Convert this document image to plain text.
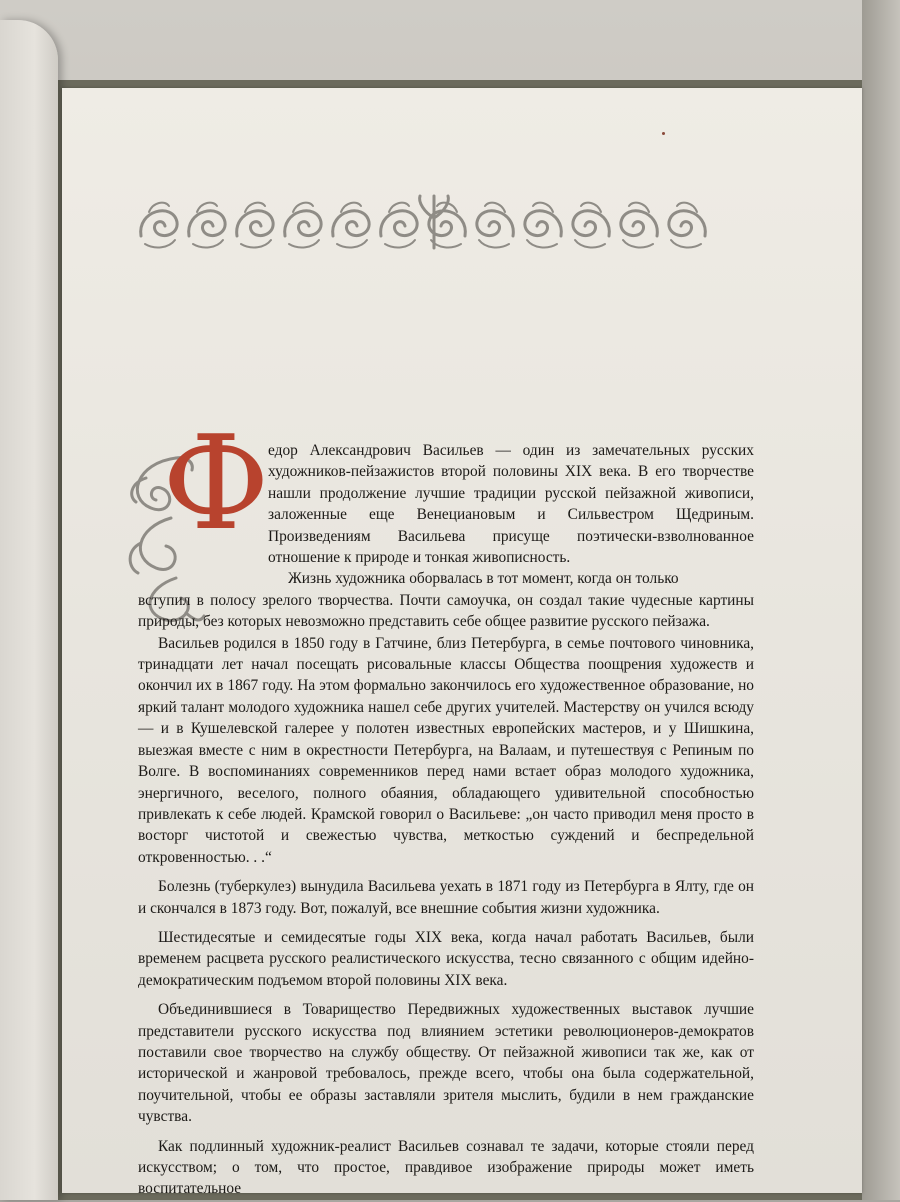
Ф

едор Александрович Васильев — один из замечательных русских художников-пейзажистов второй половины XIX века. В его творчестве нашли продолжение лучшие традиции русской пейзажной живописи, заложенные еще Венециановым и Сильвестром Щедриным. Произведениям Васильева присуще поэтически-взволнованное отношение к природе и тонкая живописность.

Жизнь художника оборвалась в тот момент, когда он только

вступил в полосу зрелого творчества. Почти самоучка, он создал такие чудесные картины природы, без которых невозможно представить себе общее развитие русского пейзажа.

Васильев родился в 1850 году в Гатчине, близ Петербурга, в семье почтового чиновника, тринадцати лет начал посещать рисовальные классы Общества поощрения художеств и окончил их в 1867 году. На этом формально закончилось его художественное образование, но яркий талант молодого художника нашел себе других учителей. Мастерству он учился всюду — и в Кушелевской галерее у полотен известных европейских мастеров, и у Шишкина, выезжая вместе с ним в окрестности Петербурга, на Валаам, и путешествуя с Репиным по Волге. В воспоминаниях современников перед нами встает образ молодого художника, энергичного, веселого, полного обаяния, обладающего удивительной способностью привлекать к себе людей. Крамской говорил о Васильеве: „он часто приводил меня просто в восторг чистотой и свежестью чувства, меткостью суждений и беспредельной откровенностью. . .“

Болезнь (туберкулез) вынудила Васильева уехать в 1871 году из Петербурга в Ялту, где он и скончался в 1873 году. Вот, пожалуй, все внешние события жизни художника.

Шестидесятые и семидесятые годы XIX века, когда начал работать Васильев, были временем расцвета русского реалистического искусства, тесно связанного с общим идейно-демократическим подъемом второй половины XIX века.

Объединившиеся в Товарищество Передвижных художественных выставок лучшие представители русского искусства под влиянием эстетики революционеров-демократов поставили свое творчество на службу обществу. От пейзажной живописи так же, как от исторической и жанровой требовалось, прежде всего, чтобы она была содержательной, поучительной, чтобы ее образы заставляли зрителя мыслить, будили в нем гражданские чувства.

Как подлинный художник-реалист Васильев сознавал те задачи, которые стояли перед искусством; о том, что простое, правдивое изображение природы может иметь воспитательное
